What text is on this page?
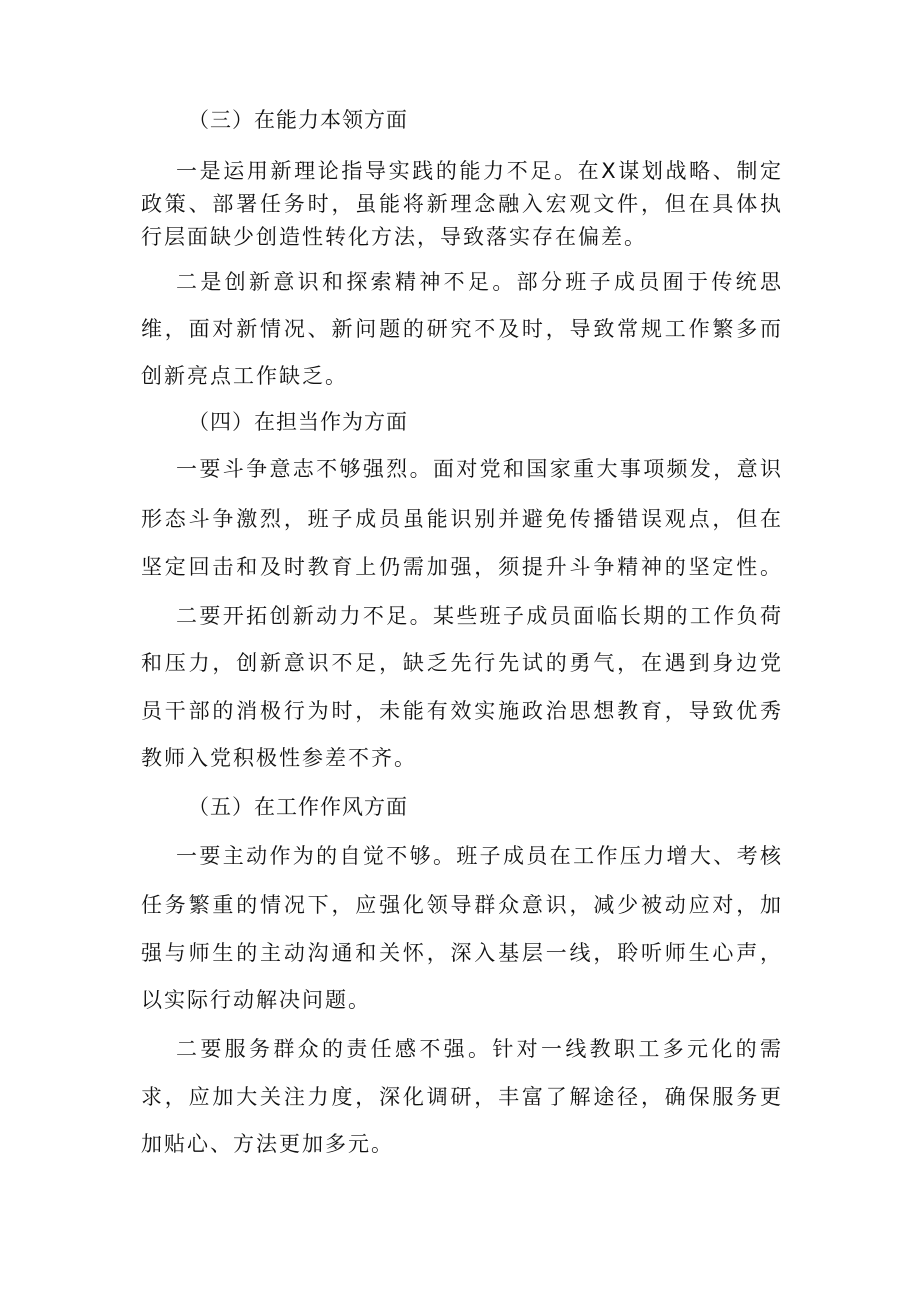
（三）在能力本领方面
一是运用新理论指导实践的能力不足。在X谋划战略、制定
政策、部署任务时，虽能将新理念融入宏观文件，但在具体执
行层面缺少创造性转化方法，导致落实存在偏差。
二是创新意识和探索精神不足。部分班子成员囿于传统思
维，面对新情况、新问题的研究不及时，导致常规工作繁多而
创新亮点工作缺乏。
（四）在担当作为方面
一要斗争意志不够强烈。面对党和国家重大事项频发，意识
形态斗争激烈，班子成员虽能识别并避免传播错误观点，但在
坚定回击和及时教育上仍需加强，须提升斗争精神的坚定性。
二要开拓创新动力不足。某些班子成员面临长期的工作负荷
和压力，创新意识不足，缺乏先行先试的勇气，在遇到身边党
员干部的消极行为时，未能有效实施政治思想教育，导致优秀
教师入党积极性参差不齐。
（五）在工作作风方面
一要主动作为的自觉不够。班子成员在工作压力增大、考核
任务繁重的情况下，应强化领导群众意识，减少被动应对，加
强与师生的主动沟通和关怀，深入基层一线，聆听师生心声，
以实际行动解决问题。
二要服务群众的责任感不强。针对一线教职工多元化的需
求，应加大关注力度，深化调研，丰富了解途径，确保服务更
加贴心、方法更加多元。
